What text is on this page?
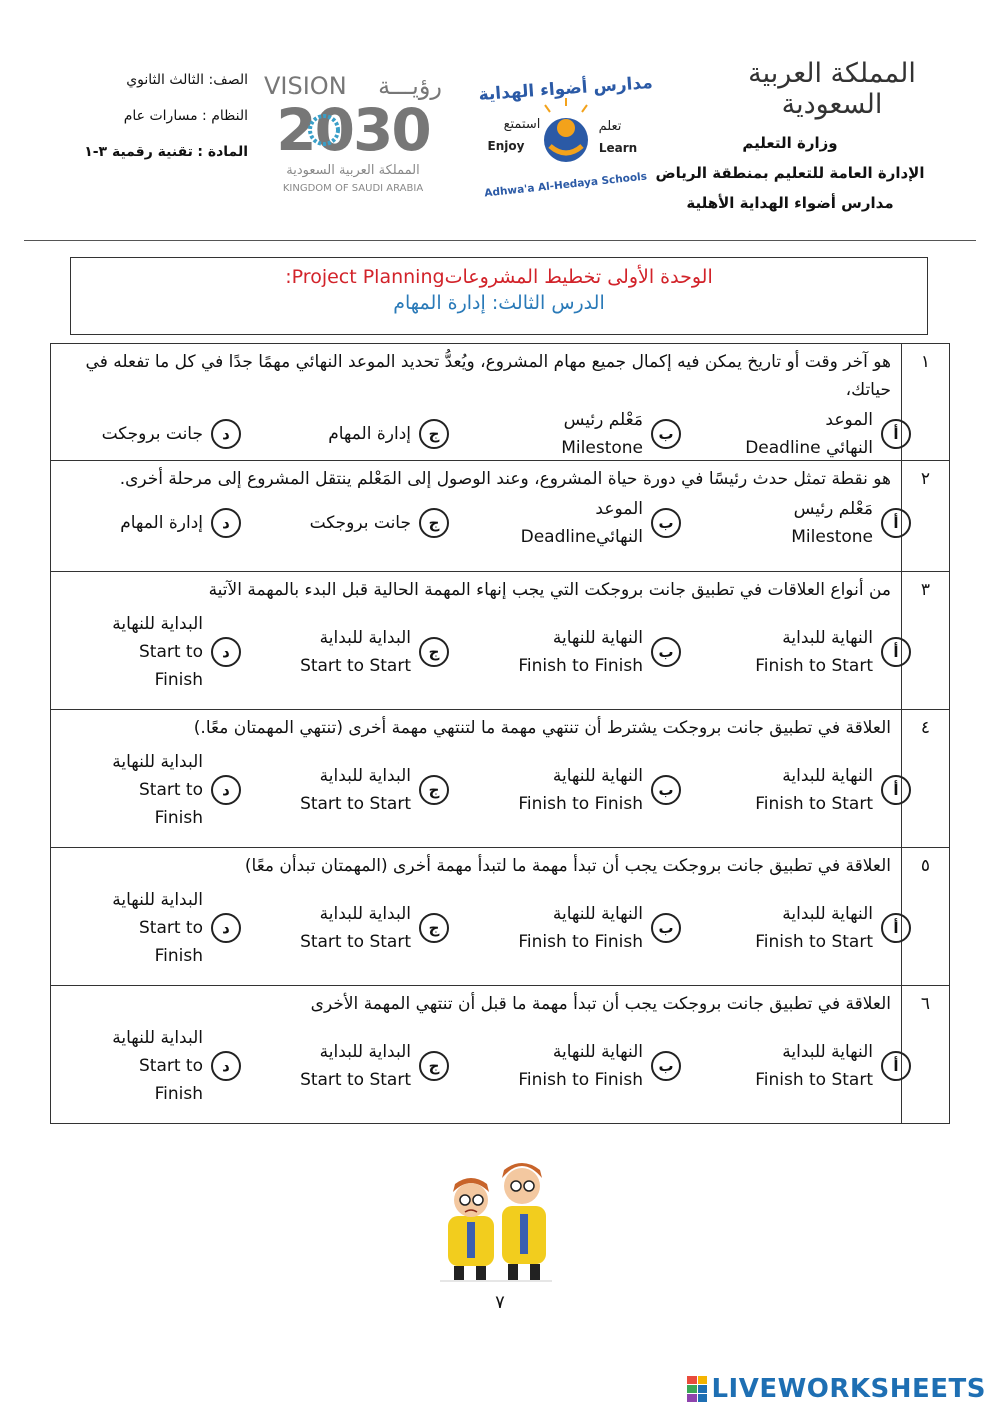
المملكة العربية السعودية
وزارة التعليم
الإدارة العامة للتعليم بمنطقة الرياض
مدارس أضواء الهداية الأهلية
مدارس أضواء الهداية
استمتع
Enjoy
تعلم
Learn
Adhwa'a Al-Hedaya Schools
VISION رؤيـــة
2030
المملكة العربية السعودية
KINGDOM OF SAUDI ARABIA
الصف: الثالث الثانوي
النظام : مسارات عام
المادة : تقنية رقمية ٣-١
الوحدة الأولى تخطيط المشروعاتProject Planning:
الدرس الثالث: إدارة المهام
١
هو آخر وقت أو تاريخ يمكن فيه إكمال جميع مهام المشروع، ويُعدُّ تحديد الموعد النهائي مهمًا جدًا في كل ما تفعله في حياتك،
الموعد
النهائي Deadline
أ
مَعْلم رئيس
Milestone
ب
إدارة المهام	ج
جانت بروجكت	د
٢
هو نقطة تمثل حدث رئيسًا في دورة حياة المشروع، وعند الوصول إلى المَعْلم ينتقل المشروع إلى مرحلة أخرى.
مَعْلم رئيس
Milestone
أ
الموعد
النهائيDeadline
ب
جانت بروجكت	ج
إدارة المهام	د
٣
من أنواع العلاقات في تطبيق جانت بروجكت التي يجب إنهاء المهمة الحالية قبل البدء بالمهمة الآتية
النهاية للبداية
Finish to Start
أ
النهاية للنهاية
Finish to Finish
ب
البداية للبداية
Start to Start
ج
البداية للنهاية
Start to
Finish
د
٤
العلاقة في تطبيق جانت بروجكت يشترط أن تنتهي مهمة ما لتنتهي مهمة أخرى (تنتهي المهمتان معًا.)
النهاية للبداية
Finish to Start
أ
النهاية للنهاية
Finish to Finish
ب
البداية للبداية
Start to Start
ج
البداية للنهاية
Start to
Finish
د
٥
العلاقة في تطبيق جانت بروجكت يجب أن تبدأ مهمة ما لتبدأ مهمة أخرى (المهمتان تبدأن معًا)
النهاية للبداية
Finish to Start
أ
النهاية للنهاية
Finish to Finish
ب
البداية للبداية
Start to Start
ج
البداية للنهاية
Start to
Finish
د
٦
العلاقة في تطبيق جانت بروجكت يجب أن تبدأ مهمة ما قبل أن تنتهي المهمة الأخرى
النهاية للبداية
Finish to Start
أ
النهاية للنهاية
Finish to Finish
ب
البداية للبداية
Start to Start
ج
البداية للنهاية
Start to
Finish
د
٧
LIVEWORKSHEETS
